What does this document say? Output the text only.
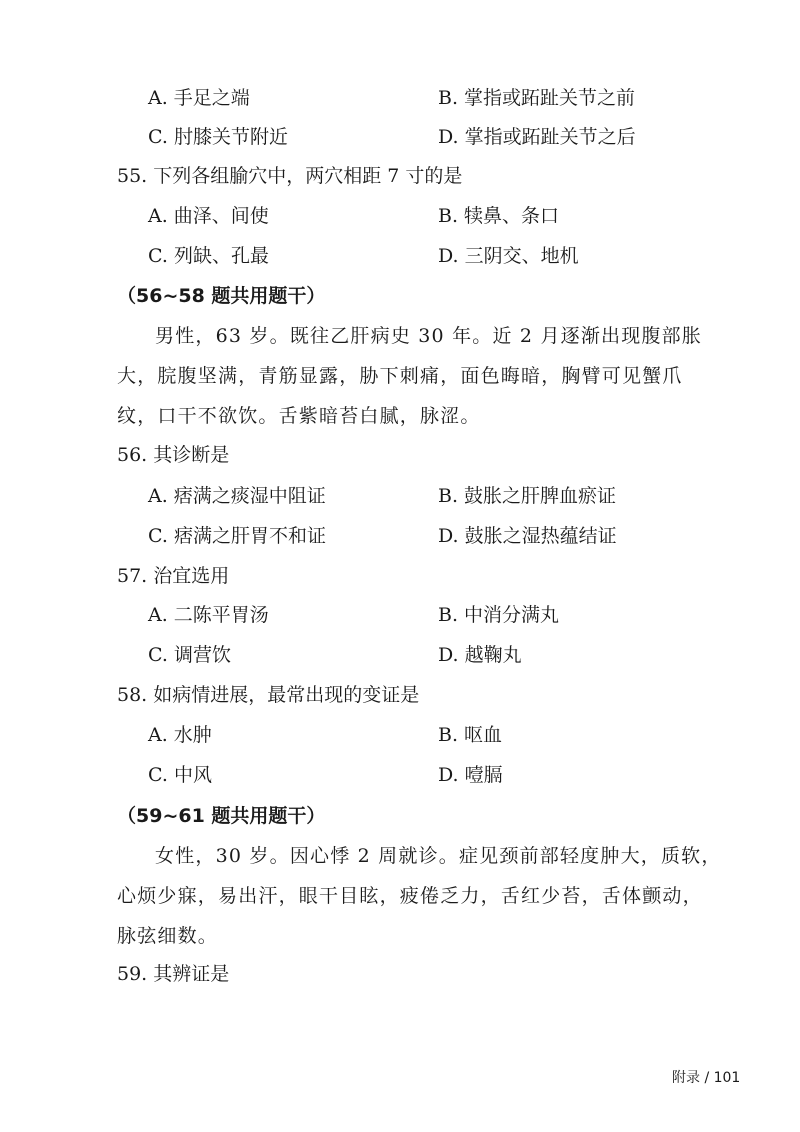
A. 手足之端	B. 掌指或跖趾关节之前
C. 肘膝关节附近	D. 掌指或跖趾关节之后
55. 下列各组腧穴中，两穴相距 7 寸的是
A. 曲泽、间使	B. 犊鼻、条口
C. 列缺、孔最	D. 三阴交、地机
（56~58 题共用题干）
男性，63 岁。既往乙肝病史 30 年。近 2 月逐渐出现腹部胀大，脘腹坚满，青筋显露，胁下刺痛，面色晦暗，胸臂可见蟹爪纹，口干不欲饮。舌紫暗苔白腻，脉涩。
56. 其诊断是
A. 痞满之痰湿中阻证	B. 鼓胀之肝脾血瘀证
C. 痞满之肝胃不和证	D. 鼓胀之湿热蕴结证
57. 治宜选用
A. 二陈平胃汤	B. 中消分满丸
C. 调营饮	D. 越鞠丸
58. 如病情进展，最常出现的变证是
A. 水肿	B. 呕血
C. 中风	D. 噎膈
（59~61 题共用题干）
女性，30 岁。因心悸 2 周就诊。症见颈前部轻度肿大，质软，心烦少寐，易出汗，眼干目眩，疲倦乏力，舌红少苔，舌体颤动，脉弦细数。
59. 其辨证是
附录 / 101
